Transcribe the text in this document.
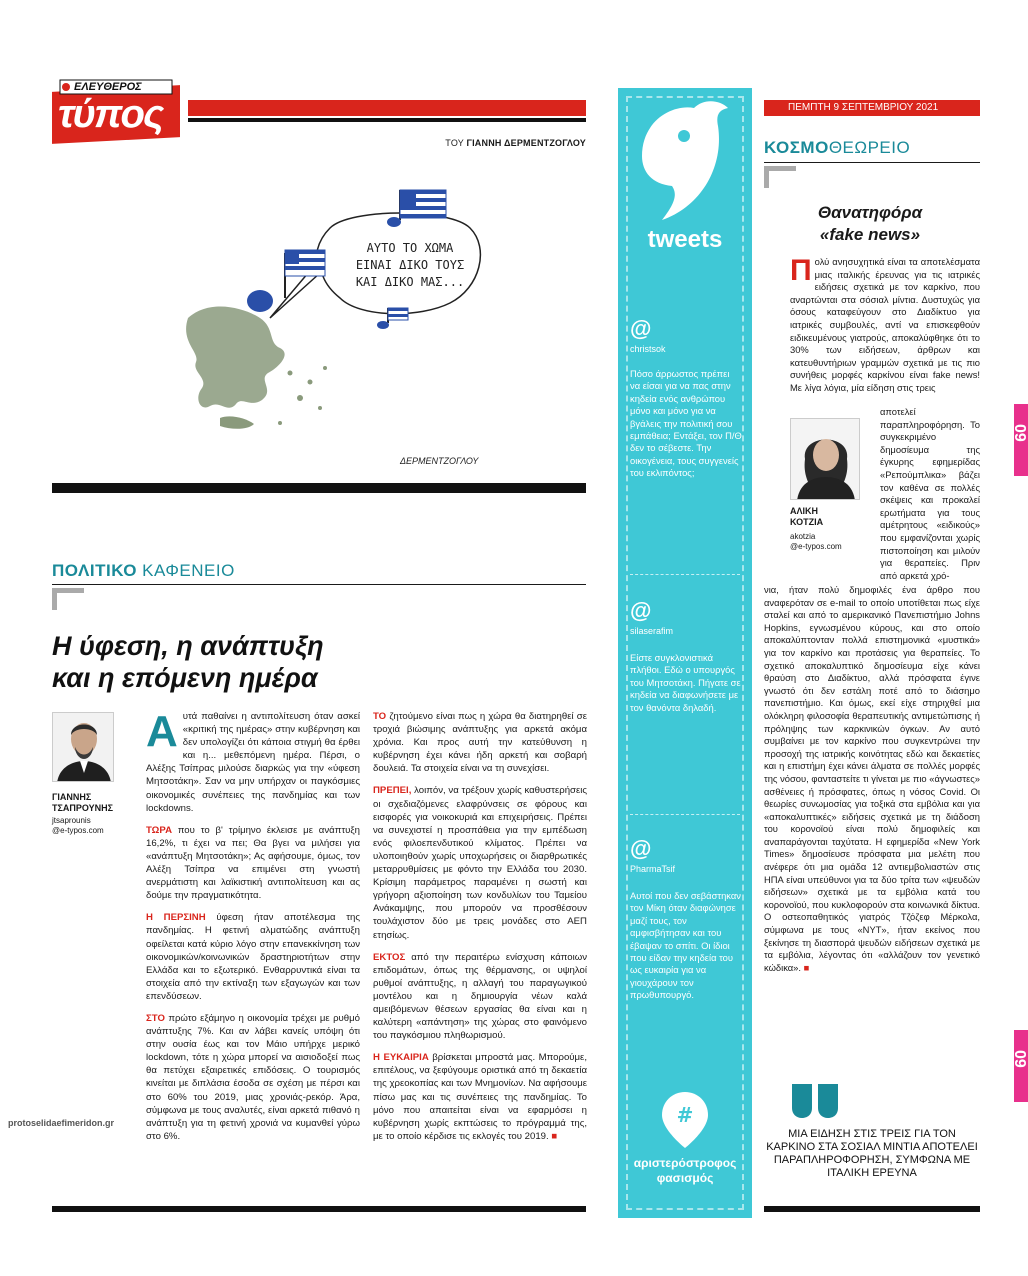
ΕΛΕΥΘΕΡΟΣ
τύπος
ΤΟΥ ΓΙΑΝΝΗ ΔΕΡΜΕΝΤΖΟΓΛΟΥ
ΑΥΤΟ ΤΟ ΧΩΜΑ
ΕΙΝΑΙ ΔΙΚΟ ΤΟΥΣ
ΚΑΙ ΔΙΚΟ ΜΑΣ...
ΔΕΡΜΕΝΤΖΟΓΛΟΥ
ΠΟΛΙΤΙΚΟ ΚΑΦΕΝΕΙΟ
Η ύφεση, η ανάπτυξη
και η επόμενη ημέρα
ΓΙΑΝΝΗΣ
ΤΣΑΠΡΟΥΝΗΣ
jtsaprounis
@e-typos.com

Αυτά παθαίνει η αντιπολίτευση όταν ασκεί «κριτική της ημέρας» στην κυβέρνηση και δεν υπολογίζει ότι κάποια στιγμή θα έρθει και η... μεθεπόμενη ημέρα. Πέρσι, ο Αλέξης Τσίπρας μιλούσε διαρκώς για την «ύφεση Μητσοτάκη». Σαν να μην υπήρχαν οι παγκόσμιες οικονομικές συνέπειες της πανδημίας και των lockdowns.

ΤΩΡΑ που το β' τρίμηνο έκλεισε με ανάπτυξη 16,2%, τι έχει να πει; Θα βγει να μιλήσει για «ανάπτυξη Μητσοτάκη»; Ας αφήσουμε, όμως, τον Αλέξη Τσίπρα να επιμένει στη γνωστή ανερμάτιστη και λαϊκιστική αντιπολίτευση και ας δούμε την πραγματικότητα.

Η ΠΕΡΣΙΝΗ ύφεση ήταν αποτέλεσμα της πανδημίας. Η φετινή αλματώδης ανάπτυξη οφείλεται κατά κύριο λόγο στην επανεκκίνηση των οικονομικών/κοινωνικών δραστηριοτήτων στην Ελλάδα και το εξωτερικό. Ενθαρρυντικά είναι τα στοιχεία από την εκτίναξη των εξαγωγών και των επενδύσεων.

ΣΤΟ πρώτο εξάμηνο η οικονομία τρέχει με ρυθμό ανάπτυξης 7%. Και αν λάβει κανείς υπόψη ότι στην ουσία έως και τον Μάιο υπήρχε μερικό lockdown, τότε η χώρα μπορεί να αισιοδοξεί πως θα πετύχει εξαιρετικές επιδόσεις. Ο τουρισμός κινείται με διπλάσια έσοδα σε σχέση με πέρσι και στο 60% του 2019, μιας χρονιάς-ρεκόρ. Άρα, σύμφωνα με τους αναλυτές, είναι αρκετά πιθανό η ανάπτυξη για τη φετινή χρονιά να κυμανθεί γύρω στο 6%.

ΤΟ ζητούμενο είναι πως η χώρα θα διατηρηθεί σε τροχιά βιώσιμης ανάπτυξης για αρκετά ακόμα χρόνια. Και προς αυτή την κατεύθυνση η κυβέρνηση έχει κάνει ήδη αρκετή και σοβαρή δουλειά. Τα στοιχεία είναι να τη συνεχίσει.

ΠΡΕΠΕΙ, λοιπόν, να τρέξουν χωρίς καθυστερήσεις οι σχεδιαζόμενες ελαφρύνσεις σε φόρους και εισφορές για νοικοκυριά και επιχειρήσεις. Πρέπει να συνεχιστεί η προσπάθεια για την εμπέδωση ενός φιλοεπενδυτικού κλίματος. Πρέπει να υλοποιηθούν χωρίς υποχωρήσεις οι διαρθρωτικές μεταρρυθμίσεις με φόντο την Ελλάδα του 2030. Κρίσιμη παράμετρος παραμένει η σωστή και γρήγορη αξιοποίηση των κονδυλίων του Ταμείου Ανάκαμψης, που μπορούν να προσθέσουν τουλάχιστον δύο με τρεις μονάδες στο ΑΕΠ ετησίως.

ΕΚΤΟΣ από την περαιτέρω ενίσχυση κάποιων επιδομάτων, όπως της θέρμανσης, οι υψηλοί ρυθμοί ανάπτυξης, η αλλαγή του παραγωγικού μοντέλου και η δημιουργία νέων καλά αμειβόμενων θέσεων εργασίας θα είναι και η καλύτερη «απάντηση» της χώρας στο φαινόμενο του παγκόσμιου πληθωρισμού.

Η ΕΥΚΑΙΡΙΑ βρίσκεται μπροστά μας. Μπορούμε, επιτέλους, να ξεφύγουμε οριστικά από τη δεκαετία της χρεοκοπίας και των Μνημονίων. Να αφήσουμε πίσω μας και τις συνέπειες της πανδημίας. Το μόνο που απαιτείται είναι να εφαρμόσει η κυβέρνηση χωρίς εκπτώσεις το πρόγραμμά της, με το οποίο κέρδισε τις εκλογές του 2019. ■

tweets
@
christsok
Πόσο άρρωστος πρέπει να είσαι για να πας στην κηδεία ενός ανθρώπου μόνο και μόνο για να βγάλεις την πολιτική σου εμπάθεια; Εντάξει, τον Π/Θ δεν το σέβεστε. Την οικογένεια, τους συγγενείς του εκλιπόντος;
@
silaserafim
Είστε συγκλονιστικά πλήθοι. Εδώ ο υπουργός του Μητσοτάκη. Πήγατε σε κηδεία να διαφωνήσετε με τον θανόντα δηλαδή.
@
PharmaTsif
Αυτοί που δεν σεβάστηκαν τον Μίκη όταν διαφώνησε μαζί τους, τον αμφισβήτησαν και του έβαψαν το σπίτι. Οι ίδιοι που είδαν την κηδεία του ως ευκαιρία για να γιουχάρουν τον πρωθυπουργό.
#
αριστερόστροφος
φασισμός
ΠΕΜΠΤΗ 9 ΣΕΠΤΕΜΒΡΙΟΥ 2021
ΚΟΣΜΟΘΕΩΡΕΙΟ
Θανατηφόρα
«fake news»
Πολύ ανησυχητικά είναι τα αποτελέσματα μιας ιταλικής έρευνας για τις ιατρικές ειδήσεις σχετικά με τον καρκίνο, που αναρτώνται στα σόσιαλ μίντια. Δυστυχώς για όσους καταφεύγουν στο Διαδίκτυο για ιατρικές συμβουλές, αντί να επισκεφθούν ειδικευμένους γιατρούς, αποκαλύφθηκε ότι το 30% των ειδήσεων, άρθρων και κατευθυντήριων γραμμών σχετικά με τις πιο συνήθεις μορφές καρκίνου είναι fake news! Με λίγα λόγια, μία είδηση στις τρεις
ΑΛΙΚΗ
ΚΟΤΖΙΑ
akotzia
@e-typos.com
αποτελεί παραπληροφόρηση. Το συγκεκριμένο δημοσίευμα της έγκυρης εφημερίδας «Ρεπούμπλικα» βάζει τον καθένα σε πολλές σκέψεις και προκαλεί ερωτήματα για τους αμέτρητους «ειδικούς» που εμφανίζονται χωρίς πιστοποίηση και μιλούν για θεραπείες. Πριν από αρκετά χρό-
νια, ήταν πολύ δημοφιλές ένα άρθρο που αναφερόταν σε e-mail το οποίο υποτίθεται πως είχε σταλεί και από το αμερικανικό Πανεπιστήμιο Johns Hopkins, εγνωσμένου κύρους, και στο οποίο αποκαλύπτονταν πολλά επιστημονικά «μυστικά» για τον καρκίνο και προτάσεις για θεραπείες. Το σχετικό αποκαλυπτικό δημοσίευμα είχε κάνει θραύση στο Διαδίκτυο, αλλά πρόσφατα έγινε γνωστό ότι δεν εστάλη ποτέ από το διάσημο πανεπιστήμιο. Και όμως, εκεί είχε στηριχθεί μια ολόκληρη φιλοσοφία θεραπευτικής αντιμετώπισης ή πρόληψης των καρκινικών όγκων. Αν αυτό συμβαίνει με τον καρκίνο που συγκεντρώνει την προσοχή της ιατρικής κοινότητας εδώ και δεκαετίες και η επιστήμη έχει κάνει άλματα σε πολλές μορφές της νόσου, φανταστείτε τι γίνεται με πιο «άγνωστες» ασθένειες ή πρόσφατες, όπως η νόσος Covid. Οι θεωρίες συνωμοσίας για τοξικά στα εμβόλια και για «αποκαλυπτικές» ειδήσεις σχετικά με τη διάδοση του κορονοϊού είναι πολύ δημοφιλείς και αναπαράγονται ταχύτατα. Η εφημερίδα «New York Times» δημοσίευσε πρόσφατα μια μελέτη που ανέφερε ότι μια ομάδα 12 αντιεμβολιαστών στις ΗΠΑ είναι υπεύθυνοι για τα δύο τρίτα των «ψευδών ειδήσεων» σχετικά με τα εμβόλια κατά του κορονοϊού, που κυκλοφορούν στα κοινωνικά δίκτυα. Ο οστεοπαθητικός γιατρός Τζόζεφ Μέρκολα, σύμφωνα με τους «NYT», ήταν εκείνος που ξεκίνησε τη διασπορά ψευδών ειδήσεων σχετικά με τα εμβόλια, λέγοντας ότι «αλλάζουν τον γενετικό κώδικα». ■
ΜΙΑ ΕΙΔΗΣΗ ΣΤΙΣ ΤΡΕΙΣ ΓΙΑ ΤΟΝ ΚΑΡΚΙΝΟ ΣΤΑ ΣΟΣΙΑΛ ΜΙΝΤΙΑ ΑΠΟΤΕΛΕΙ ΠΑΡΑΠΛΗΡΟΦΟΡΗΣΗ, ΣΥΜΦΩΝΑ ΜΕ ΙΤΑΛΙΚΗ ΕΡΕΥΝΑ
09
09
protoselidaefimeridon.gr
